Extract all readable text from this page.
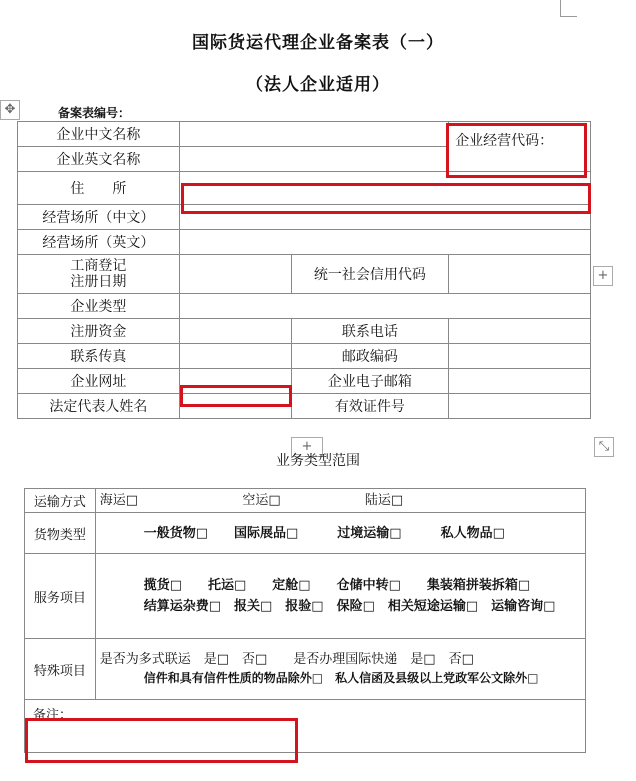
国际货运代理企业备案表（一）
（法人企业适用）
✥	备案表编号：
企业中文名称			企业经营代码：
企业英文名称			
住　　所			
经营场所（中文）			
经营场所（英文）			

工商登记
注册日期		统一社会信用代码	
企业类型			
注册资金		联系电话	
联系传真		邮政编码	
企业网址		企业电子邮箱	
法定代表人姓名		有效证件号	
+
+	⤡
业务类型范围
运输方式	海运□ 空运□ 陆运□
货物类型	一般货物□　　国际展品□　　　过境运输□　　　私人物品□
服务项目	揽货□　　托运□　　定舱□　　仓储中转□　　集装箱拼装拆箱□
结算运杂费□　报关□　报验□　保险□　相关短途运输□　运输咨询□

特殊项目	是否为多式联运　是□　否□　　是否办理国际快递　是□　否□
信件和具有信件性质的物品除外□　私人信函及县级以上党政军公文除外□

备注：	
